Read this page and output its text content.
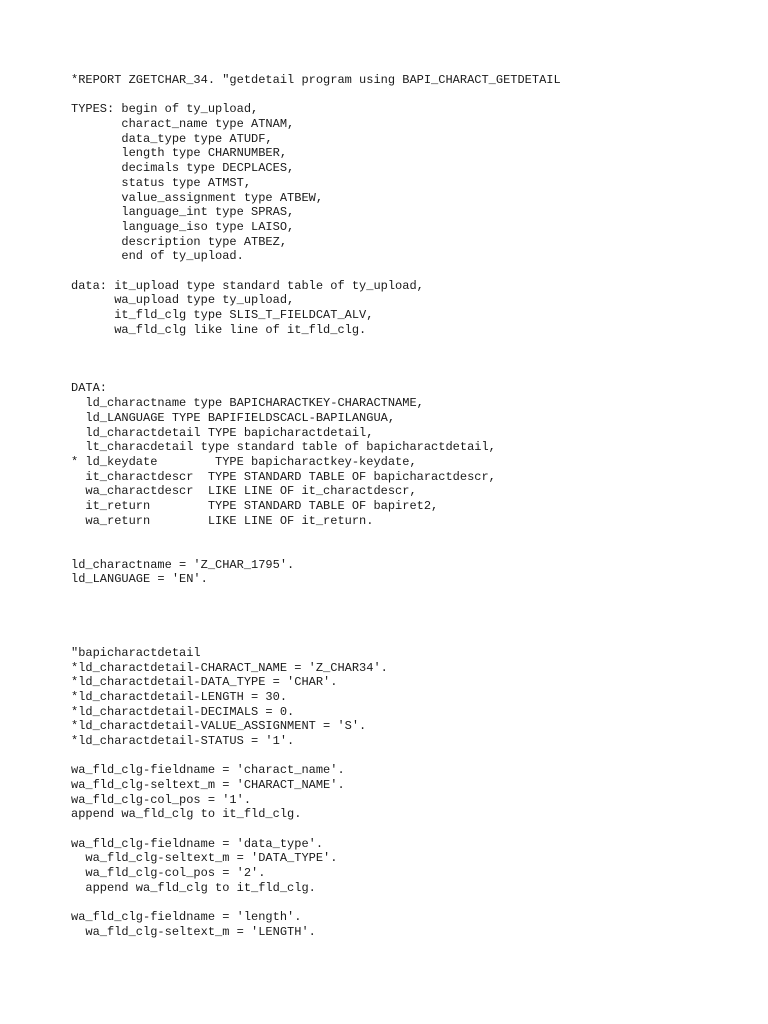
*REPORT ZGETCHAR_34. "getdetail program using BAPI_CHARACT_GETDETAIL
TYPES: begin of ty_upload,
charact_name type ATNAM,
data_type type ATUDF,
length type CHARNUMBER,
decimals type DECPLACES,
status type ATMST,
value_assignment type ATBEW,
language_int type SPRAS,
language_iso type LAISO,
description type ATBEZ,
end of ty_upload.
data: it_upload type standard table of ty_upload,
wa_upload type ty_upload,
it_fld_clg type SLIS_T_FIELDCAT_ALV,
wa_fld_clg like line of it_fld_clg.
DATA:
ld_charactname type BAPICHARACTKEY-CHARACTNAME,
ld_LANGUAGE TYPE BAPIFIELDSCACL-BAPILANGUA,
ld_charactdetail TYPE bapicharactdetail,
lt_characdetail type standard table of bapicharactdetail,
* ld_keydate        TYPE bapicharactkey-keydate,
it_charactdescr  TYPE STANDARD TABLE OF bapicharactdescr,
wa_charactdescr  LIKE LINE OF it_charactdescr,
it_return        TYPE STANDARD TABLE OF bapiret2,
wa_return        LIKE LINE OF it_return.
ld_charactname = 'Z_CHAR_1795'.
ld_LANGUAGE = 'EN'.
"bapicharactdetail
*ld_charactdetail-CHARACT_NAME = 'Z_CHAR34'.
*ld_charactdetail-DATA_TYPE = 'CHAR'.
*ld_charactdetail-LENGTH = 30.
*ld_charactdetail-DECIMALS = 0.
*ld_charactdetail-VALUE_ASSIGNMENT = 'S'.
*ld_charactdetail-STATUS = '1'.
wa_fld_clg-fieldname = 'charact_name'.
wa_fld_clg-seltext_m = 'CHARACT_NAME'.
wa_fld_clg-col_pos = '1'.
append wa_fld_clg to it_fld_clg.
wa_fld_clg-fieldname = 'data_type'.
wa_fld_clg-seltext_m = 'DATA_TYPE'.
wa_fld_clg-col_pos = '2'.
append wa_fld_clg to it_fld_clg.
wa_fld_clg-fieldname = 'length'.
wa_fld_clg-seltext_m = 'LENGTH'.
